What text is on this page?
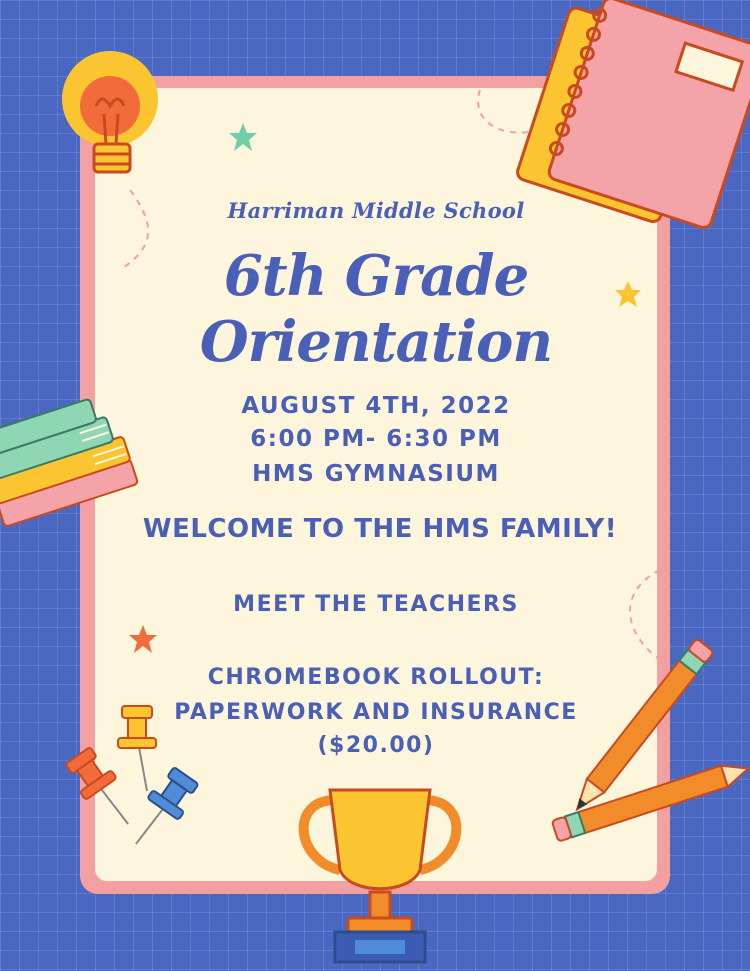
Harriman Middle School
6th Grade
Orientation
AUGUST 4TH, 2022
6:00 PM- 6:30 PM
HMS GYMNASIUM
WELCOME TO THE HMS FAMILY!
MEET THE TEACHERS
CHROMEBOOK ROLLOUT:
PAPERWORK AND INSURANCE
($20.00)
